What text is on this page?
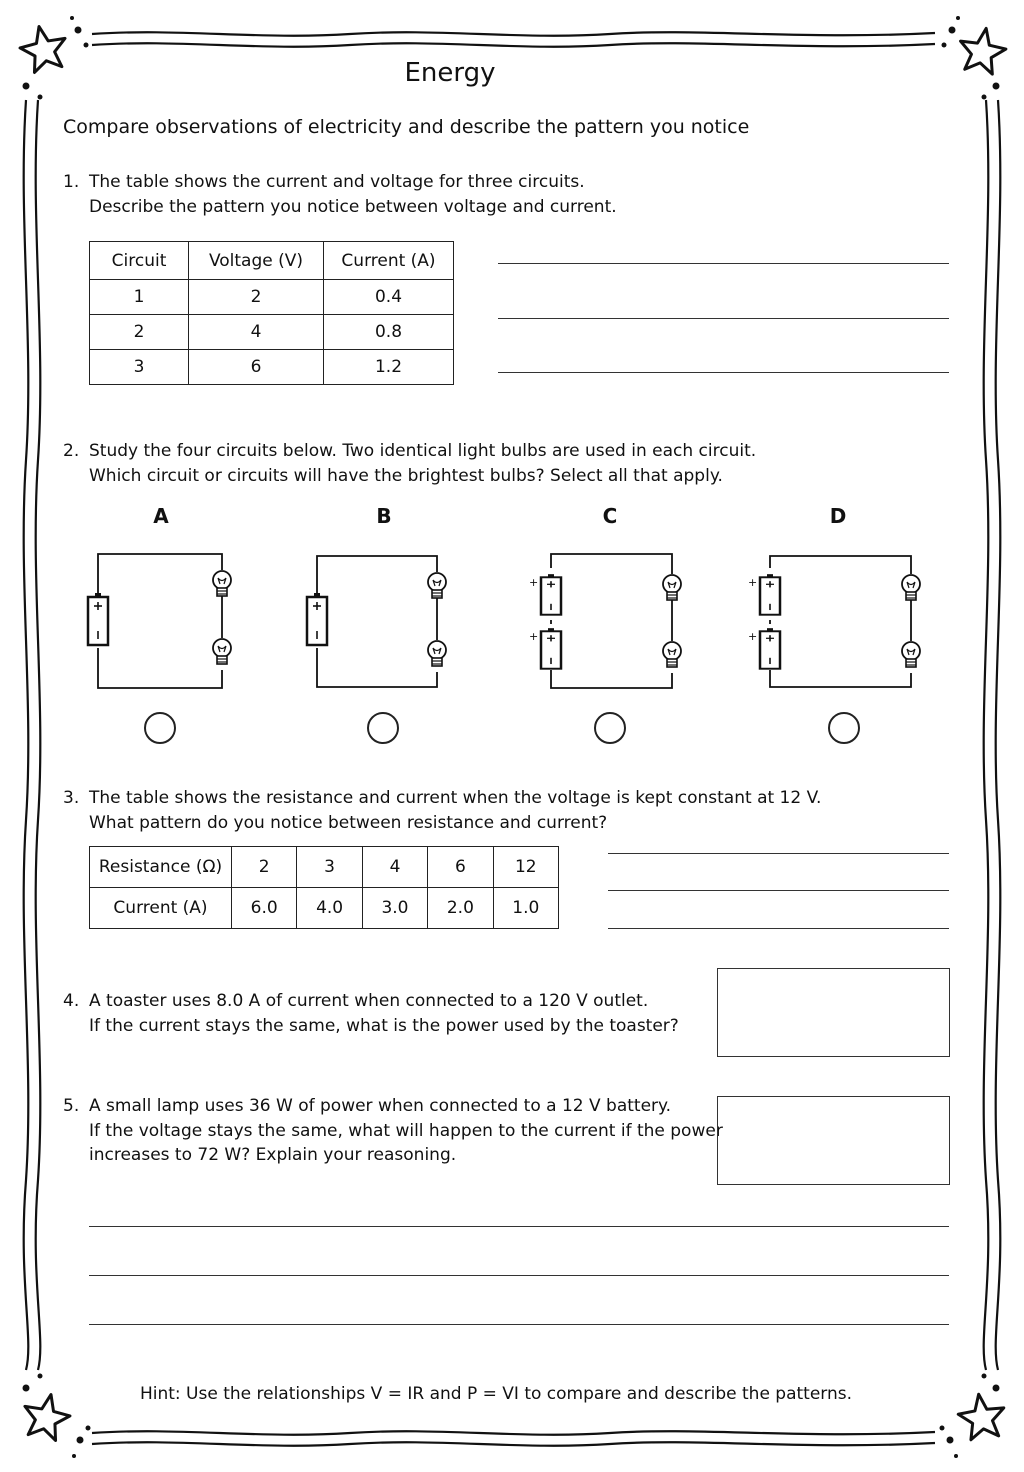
Energy
Compare observations of electricity and describe the pattern you notice
1. The table shows the current and voltage for three circuits.
Describe the pattern you notice between voltage and current.
Circuit	Voltage (V)	Current (A)
1	2	0.4
2	4	0.8
3	6	1.2
2. Study the four circuits below. Two identical light bulbs are used in each circuit.
Which circuit or circuits will have the brightest bulbs? Select all that apply.
A	B	C	D
+
+
+
+
3. The table shows the resistance and current when the voltage is kept constant at 12 V.
What pattern do you notice between resistance and current?
Resistance (Ω)	2	3	4	6	12
Current (A)	6.0	4.0	3.0	2.0	1.0
4. A toaster uses 8.0 A of current when connected to a 120 V outlet.
If the current stays the same, what is the power used by the toaster?
5. A small lamp uses 36 W of power when connected to a 12 V battery.
If the voltage stays the same, what will happen to the current if the power
increases to 72 W? Explain your reasoning.
Hint: Use the relationships V = IR and P = VI to compare and describe the patterns.
